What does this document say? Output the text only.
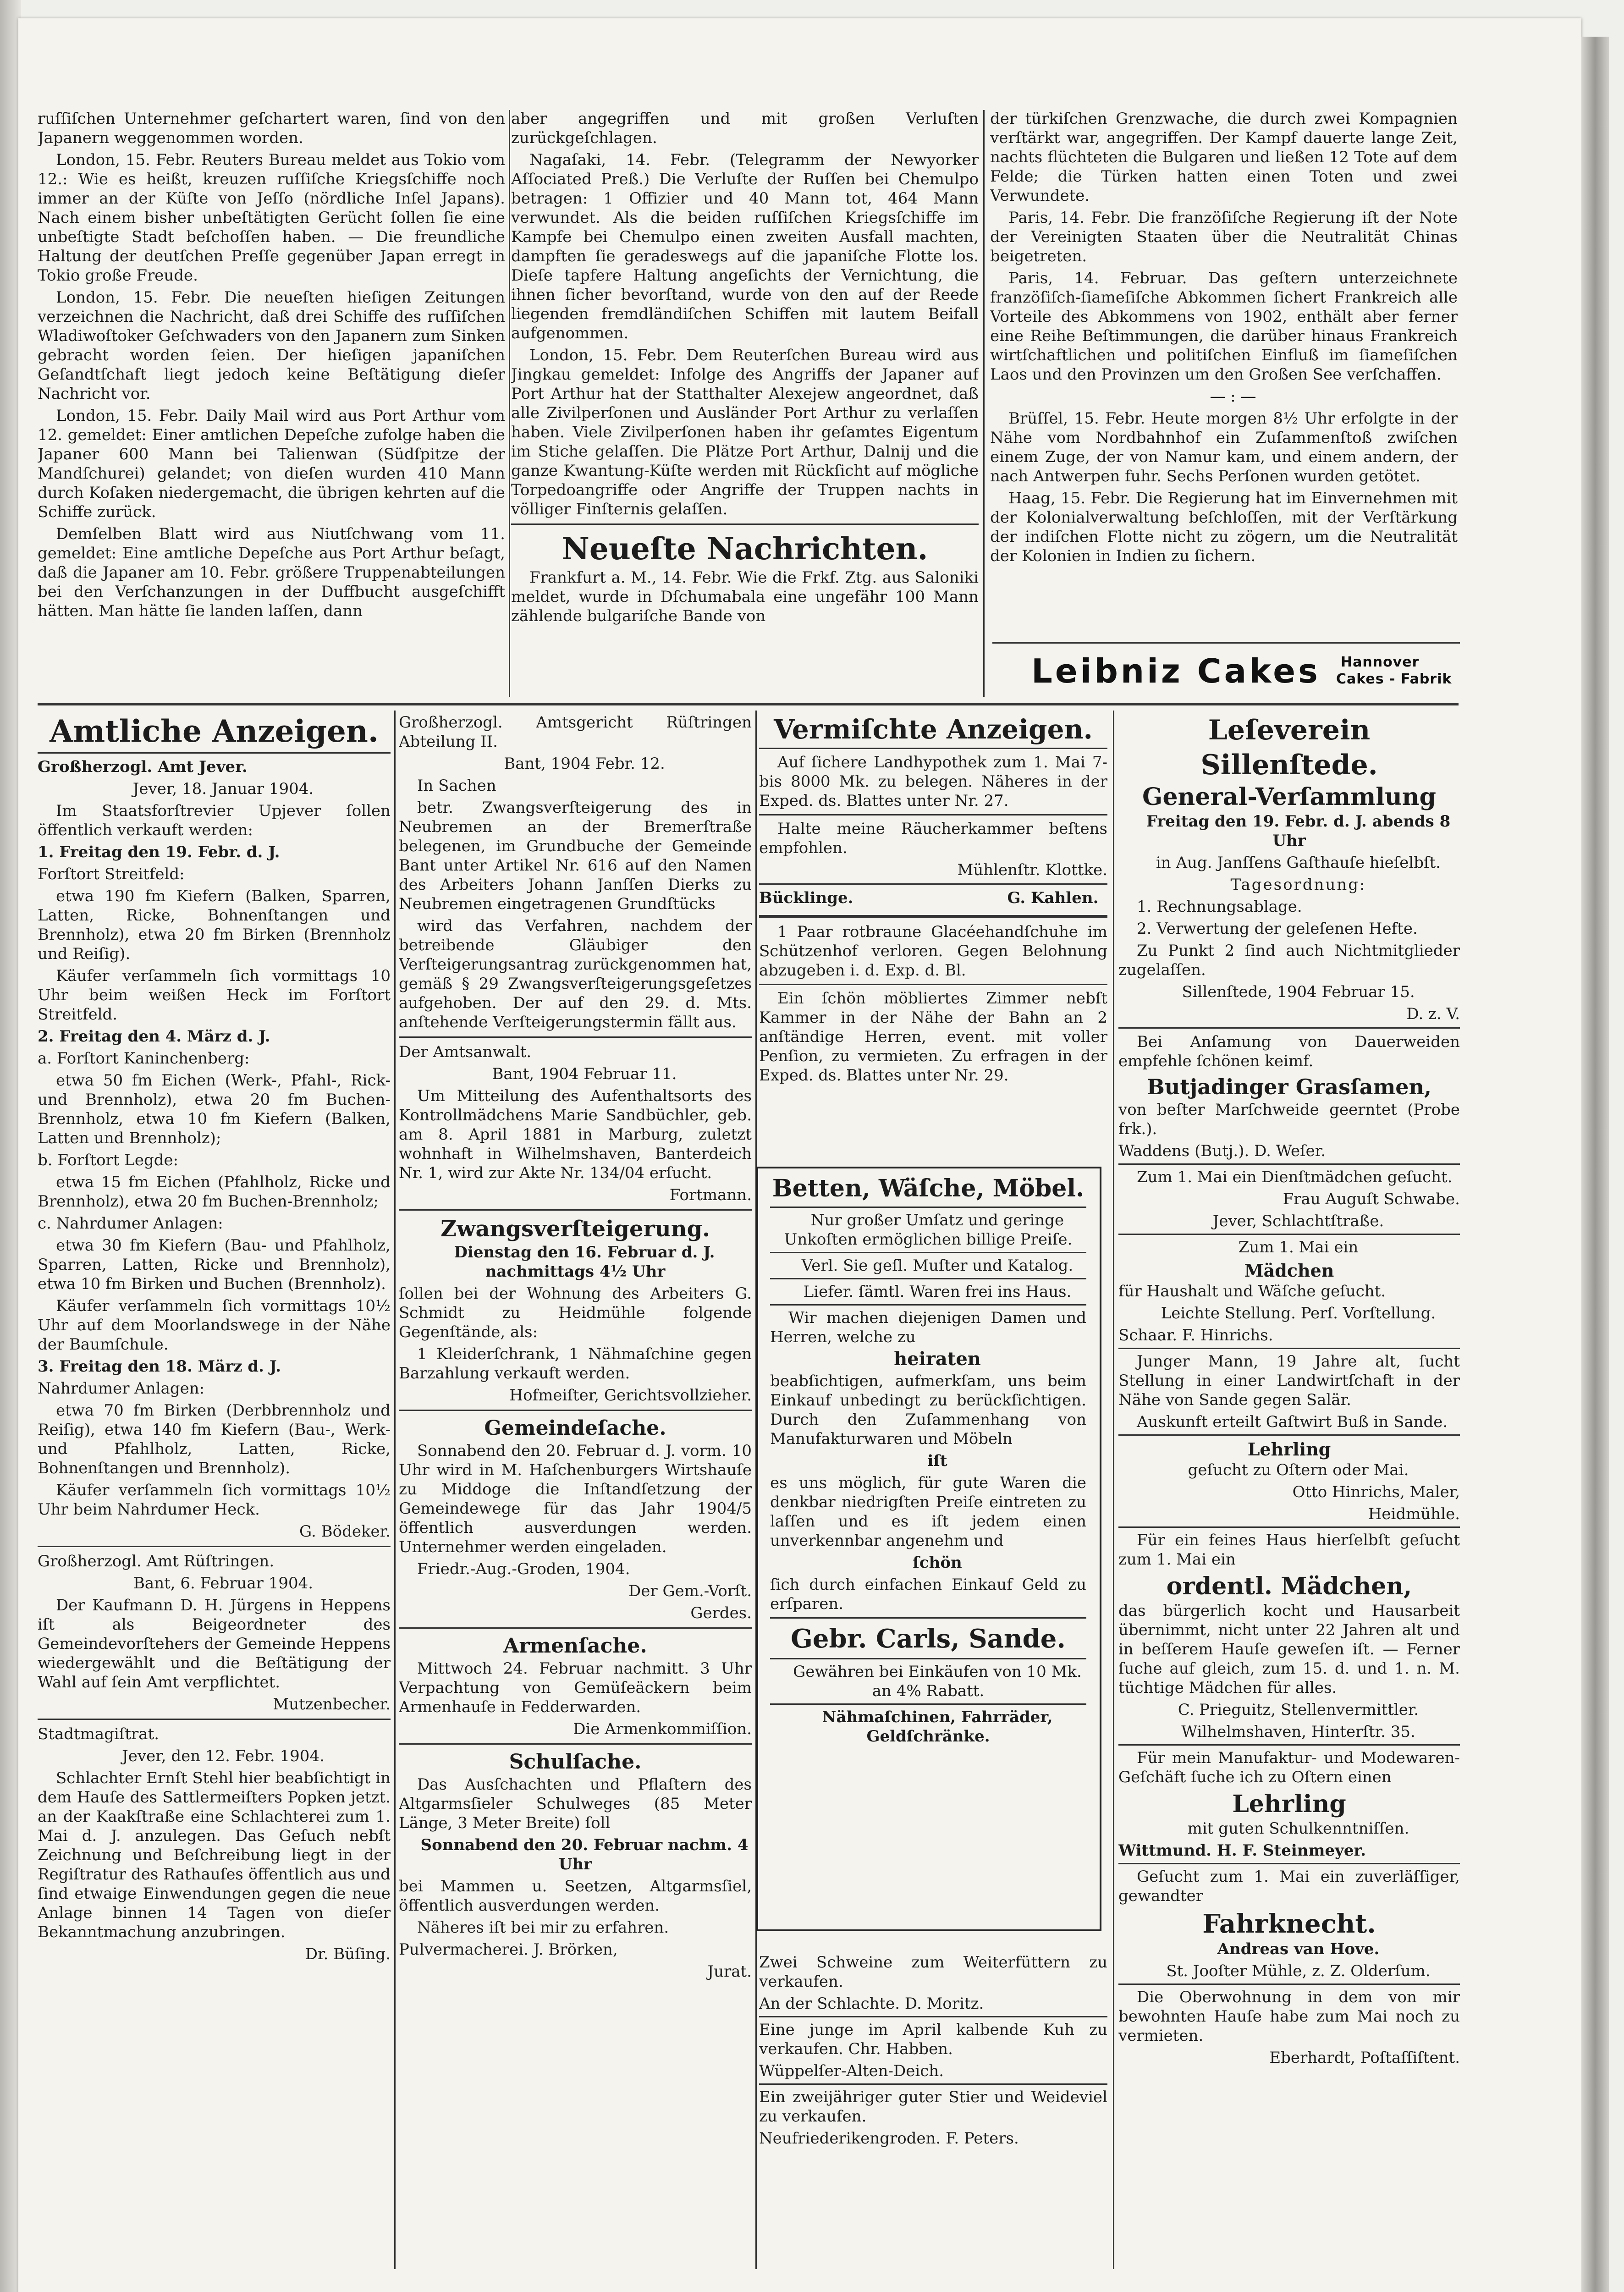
ruſſiſchen Unternehmer geſchartert waren, ſind von den Japanern weggenommen worden.

London, 15. Febr. Reuters Bureau meldet aus Tokio vom 12.: Wie es heißt, kreuzen ruſſiſche Kriegsſchiffe noch immer an der Küſte von Jeſſo (nördliche Inſel Japans). Nach einem bisher unbeſtätigten Gerücht ſollen ſie eine unbeſtigte Stadt beſchoſſen haben. — Die freundliche Haltung der deutſchen Preſſe gegenüber Japan erregt in Tokio große Freude.

London, 15. Febr. Die neueſten hieſigen Zeitungen verzeichnen die Nachricht, daß drei Schiffe des ruſſiſchen Wladiwoſtoker Geſchwaders von den Japanern zum Sinken gebracht worden ſeien. Der hieſigen japaniſchen Geſandtſchaft liegt jedoch keine Beſtätigung dieſer Nachricht vor.

London, 15. Febr. Daily Mail wird aus Port Arthur vom 12. gemeldet: Einer amtlichen Depeſche zufolge haben die Japaner 600 Mann bei Talienwan (Südſpitze der Mandſchurei) gelandet; von dieſen wurden 410 Mann durch Koſaken niedergemacht, die übrigen kehrten auf die Schiffe zurück.

Demſelben Blatt wird aus Niutſchwang vom 11. gemeldet: Eine amtliche Depeſche aus Port Arthur beſagt, daß die Japaner am 10. Febr. größere Truppenabteilungen bei den Verſchanzungen in der Duffbucht ausgeſchifft hätten. Man hätte ſie landen laſſen, dann

aber angegriffen und mit großen Verluſten zurückgeſchlagen.

Nagaſaki, 14. Febr. (Telegramm der Newyorker Aſſociated Preß.) Die Verluſte der Ruſſen bei Chemulpo betragen: 1 Offizier und 40 Mann tot, 464 Mann verwundet. Als die beiden ruſſiſchen Kriegsſchiffe im Kampfe bei Chemulpo einen zweiten Ausfall machten, dampften ſie geradeswegs auf die japaniſche Flotte los. Dieſe tapfere Haltung angeſichts der Vernichtung, die ihnen ſicher bevorſtand, wurde von den auf der Reede liegenden fremdländiſchen Schiffen mit lautem Beifall aufgenommen.

London, 15. Febr. Dem Reuterſchen Bureau wird aus Jingkau gemeldet: Infolge des Angriffs der Japaner auf Port Arthur hat der Statthalter Alexejew angeordnet, daß alle Zivilperſonen und Ausländer Port Arthur zu verlaſſen haben. Viele Zivilperſonen haben ihr geſamtes Eigentum im Stiche gelaſſen. Die Plätze Port Arthur, Dalnij und die ganze Kwantung-Küſte werden mit Rückſicht auf mögliche Torpedoangriffe oder Angriffe der Truppen nachts in völliger Finſternis gelaſſen.

Neueſte Nachrichten.

Frankfurt a. M., 14. Febr. Wie die Frkf. Ztg. aus Saloniki meldet, wurde in Dſchumabala eine ungefähr 100 Mann zählende bulgariſche Bande von

der türkiſchen Grenzwache, die durch zwei Kompagnien verſtärkt war, angegriffen. Der Kampf dauerte lange Zeit, nachts flüchteten die Bulgaren und ließen 12 Tote auf dem Felde; die Türken hatten einen Toten und zwei Verwundete.

Paris, 14. Febr. Die franzöſiſche Regierung iſt der Note der Vereinigten Staaten über die Neutralität Chinas beigetreten.

Paris, 14. Februar. Das geſtern unterzeichnete franzöſiſch-ſiameſiſche Abkommen ſichert Frankreich alle Vorteile des Abkommens von 1902, enthält aber ferner eine Reihe Beſtimmungen, die darüber hinaus Frankreich wirtſchaftlichen und politiſchen Einfluß im ſiameſiſchen Laos und den Provinzen um den Großen See verſchaffen.

— : —

Brüſſel, 15. Febr. Heute morgen 8½ Uhr erfolgte in der Nähe vom Nordbahnhof ein Zuſammenſtoß zwiſchen einem Zuge, der von Namur kam, und einem andern, der nach Antwerpen fuhr. Sechs Perſonen wurden getötet.

Haag, 15. Febr. Die Regierung hat im Einvernehmen mit der Kolonialverwaltung beſchloſſen, mit der Verſtärkung der indiſchen Flotte nicht zu zögern, um die Neutralität der Kolonien in Indien zu ſichern.

Leibniz Cakes Hannover
Cakes - Fabrik
Amtliche Anzeigen.

Großherzogl. Amt Jever.

Jever, 18. Januar 1904.

Im Staatsforſtrevier Upjever ſollen öffentlich verkauft werden:

1. Freitag den 19. Febr. d. J.

Forſtort Streitfeld:

etwa 190 fm Kiefern (Balken, Sparren, Latten, Ricke, Bohnenſtangen und Brennholz), etwa 20 fm Birken (Brennholz und Reiſig).

Käufer verſammeln ſich vormittags 10 Uhr beim weißen Heck im Forſtort Streitfeld.

2. Freitag den 4. März d. J.

a. Forſtort Kaninchenberg:

etwa 50 fm Eichen (Werk-, Pfahl-, Rick- und Brennholz), etwa 20 fm Buchen-Brennholz, etwa 10 fm Kiefern (Balken, Latten und Brennholz);

b. Forſtort Legde:

etwa 15 fm Eichen (Pfahlholz, Ricke und Brennholz), etwa 20 fm Buchen-Brennholz;

c. Nahrdumer Anlagen:

etwa 30 fm Kiefern (Bau- und Pfahlholz, Sparren, Latten, Ricke und Brennholz), etwa 10 fm Birken und Buchen (Brennholz).

Käufer verſammeln ſich vormittags 10½ Uhr auf dem Moorlandswege in der Nähe der Baumſchule.

3. Freitag den 18. März d. J.

Nahrdumer Anlagen:

etwa 70 fm Birken (Derbbrennholz und Reiſig), etwa 140 fm Kiefern (Bau-, Werk- und Pfahlholz, Latten, Ricke, Bohnenſtangen und Brennholz).

Käufer verſammeln ſich vormittags 10½ Uhr beim Nahrdumer Heck.

G. Bödeker.

Großherzogl. Amt Rüſtringen.

Bant, 6. Februar 1904.

Der Kaufmann D. H. Jürgens in Heppens iſt als Beigeordneter des Gemeindevorſtehers der Gemeinde Heppens wiedergewählt und die Beſtätigung der Wahl auf ſein Amt verpflichtet.

Mutzenbecher.

Stadtmagiſtrat.

Jever, den 12. Febr. 1904.

Schlachter Ernſt Stehl hier beabſichtigt in dem Hauſe des Sattlermeiſters Popken jetzt. an der Kaakſtraße eine Schlachterei zum 1. Mai d. J. anzulegen. Das Geſuch nebſt Zeichnung und Beſchreibung liegt in der Regiſtratur des Rathauſes öffentlich aus und ſind etwaige Einwendungen gegen die neue Anlage binnen 14 Tagen von dieſer Bekanntmachung anzubringen.

Dr. Büſing.

Großherzogl. Amtsgericht Rüſtringen Abteilung II.

Bant, 1904 Febr. 12.

In Sachen

betr. Zwangsverſteigerung des in Neubremen an der Bremerſtraße belegenen, im Grundbuche der Gemeinde Bant unter Artikel Nr. 616 auf den Namen des Arbeiters Johann Janſſen Dierks zu Neubremen eingetragenen Grundſtücks

wird das Verfahren, nachdem der betreibende Gläubiger den Verſteigerungsantrag zurückgenommen hat, gemäß § 29 Zwangsverſteigerungsgeſetzes aufgehoben. Der auf den 29. d. Mts. anſtehende Verſteigerungstermin fällt aus.

Der Amtsanwalt.

Bant, 1904 Februar 11.

Um Mitteilung des Aufenthaltsorts des Kontrollmädchens Marie Sandbüchler, geb. am 8. April 1881 in Marburg, zuletzt wohnhaft in Wilhelmshaven, Banterdeich Nr. 1, wird zur Akte Nr. 134/04 erſucht.

Fortmann.

Zwangsverſteigerung.

Dienstag den 16. Februar d. J. nachmittags 4½ Uhr

ſollen bei der Wohnung des Arbeiters G. Schmidt zu Heidmühle folgende Gegenſtände, als:

1 Kleiderſchrank, 1 Nähmaſchine gegen Barzahlung verkauft werden.

Hofmeiſter, Gerichtsvollzieher.

Gemeindeſache.

Sonnabend den 20. Februar d. J. vorm. 10 Uhr wird in M. Haſchenburgers Wirtshauſe zu Middoge die Inſtandſetzung der Gemeindewege für das Jahr 1904/5 öffentlich ausverdungen werden. Unternehmer werden eingeladen.

Friedr.-Aug.-Groden, 1904.

Der Gem.-Vorſt.

Gerdes.

Armenſache.

Mittwoch 24. Februar nachmitt. 3 Uhr Verpachtung von Gemüſeäckern beim Armenhauſe in Fedderwarden.

Die Armenkommiſſion.

Schulſache.

Das Ausſchachten und Pflaſtern des Altgarmsſieler Schulweges (85 Meter Länge, 3 Meter Breite) ſoll

Sonnabend den 20. Februar nachm. 4 Uhr

bei Mammen u. Seetzen, Altgarmsſiel, öffentlich ausverdungen werden.

Näheres iſt bei mir zu erfahren.

Pulvermacherei. J. Brörken,

Jurat.

Vermiſchte Anzeigen.

Auf ſichere Landhypothek zum 1. Mai 7- bis 8000 Mk. zu belegen. Näheres in der Exped. ds. Blattes unter Nr. 27.

Halte meine Räucherkammer beſtens empfohlen.

Mühlenſtr. Klottke.

Bücklinge.

	G. Kahlen.

1 Paar rotbraune Glacéehandſchuhe im Schützenhof verloren. Gegen Belohnung abzugeben i. d. Exp. d. Bl.

Ein ſchön möbliertes Zimmer nebſt Kammer in der Nähe der Bahn an 2 anſtändige Herren, event. mit voller Penſion, zu vermieten. Zu erfragen in der Exped. ds. Blattes unter Nr. 29.

Betten, Wäſche, Möbel.

Nur großer Umſatz und geringe Unkoſten ermöglichen billige Preiſe.

Verl. Sie geſl. Muſter und Katalog.

Liefer. ſämtl. Waren frei ins Haus.

Wir machen diejenigen Damen und Herren, welche zu

heiraten

beabſichtigen, aufmerkſam, uns beim Einkauf unbedingt zu berückſichtigen. Durch den Zuſammenhang von Manufakturwaren und Möbeln

iſt

es uns möglich, für gute Waren die denkbar niedrigſten Preiſe eintreten zu laſſen und es iſt jedem einen unverkennbar angenehm und

ſchön

ſich durch einfachen Einkauf Geld zu erſparen.

Gebr. Carls, Sande.

Gewähren bei Einkäufen von 10 Mk. an 4% Rabatt.

Nähmaſchinen, Fahrräder, Geldſchränke.

Zwei Schweine zum Weiterfüttern zu verkaufen.

An der Schlachte. D. Moritz.

Eine junge im April kalbende Kuh zu verkaufen. Chr. Habben.

Wüppelſer-Alten-Deich.

Ein zweijähriger guter Stier und Weideviel zu verkaufen.

Neufriederikengroden. F. Peters.

Leſeverein Sillenſtede.
General-Verſammlung

Freitag den 19. Febr. d. J. abends 8 Uhr

in Aug. Janſſens Gaſthauſe hieſelbſt.

Tagesordnung:

1. Rechnungsablage.

2. Verwertung der geleſenen Hefte.

Zu Punkt 2 ſind auch Nichtmitglieder zugelaſſen.

Sillenſtede, 1904 Februar 15.

D. z. V.

Bei Anſamung von Dauerweiden empfehle ſchönen keimf.

Butjadinger Grasſamen,

von beſter Marſchweide geerntet (Probe frk.).

Waddens (Butj.). D. Weſer.

Zum 1. Mai ein Dienſtmädchen geſucht.

Frau Auguſt Schwabe.

Jever, Schlachtſtraße.

Zum 1. Mai ein

Mädchen

für Haushalt und Wäſche geſucht.

Leichte Stellung. Perſ. Vorſtellung.

Schaar. F. Hinrichs.

Junger Mann, 19 Jahre alt, ſucht Stellung in einer Landwirtſchaft in der Nähe von Sande gegen Salär.

Auskunft erteilt Gaſtwirt Buß in Sande.

Lehrling

geſucht zu Oſtern oder Mai.

Otto Hinrichs, Maler,

Heidmühle.

Für ein feines Haus hierſelbſt geſucht zum 1. Mai ein

ordentl. Mädchen,

das bürgerlich kocht und Hausarbeit übernimmt, nicht unter 22 Jahren alt und in beſſerem Hauſe geweſen iſt. — Ferner ſuche auf gleich, zum 15. d. und 1. n. M. tüchtige Mädchen für alles.

C. Prieguitz, Stellenvermittler.

Wilhelmshaven, Hinterſtr. 35.

Für mein Manufaktur- und Modewaren-Geſchäft ſuche ich zu Oſtern einen

Lehrling

mit guten Schulkenntniſſen.

Wittmund. H. F. Steinmeyer.

Geſucht zum 1. Mai ein zuverläſſiger, gewandter

Fahrknecht.

Andreas van Hove.

St. Jooſter Mühle, z. Z. Olderſum.

Die Oberwohnung in dem von mir bewohnten Hauſe habe zum Mai noch zu vermieten.

Eberhardt, Poſtaſſiſtent.
